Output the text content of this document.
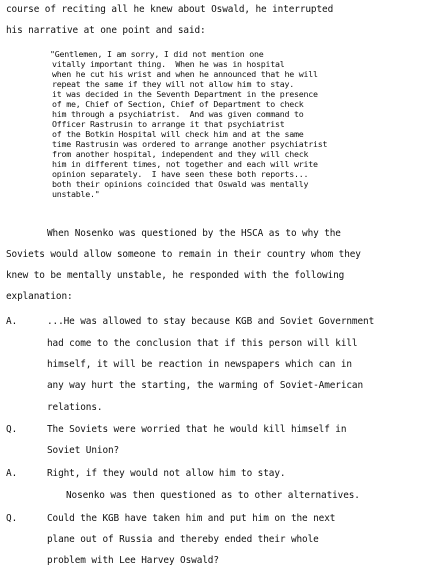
course of reciting all he knew about Oswald, he interrupted
his narrative at one point and said:
"Gentlemen, I am sorry, I did not mention one
vitally important thing.  When he was in hospital
when he cut his wrist and when he announced that he will
repeat the same if they will not allow him to stay.
it was decided in the Seventh Department in the presence
of me, Chief of Section, Chief of Department to check
him through a psychiatrist.  And was given command to
Officer Rastrusin to arrange it that psychiatrist
of the Botkin Hospital will check him and at the same
time Rastrusin was ordered to arrange another psychiatrist
from another hospital, independent and they will check
him in different times, not together and each will write
opinion separately.  I have seen these both reports...
both their opinions coincided that Oswald was mentally
unstable."
When Nosenko was questioned by the HSCA as to why the
Soviets would allow someone to remain in their country whom they
knew to be mentally unstable, he responded with the following
explanation:
A.	...He was allowed to stay because KGB and Soviet Government
had come to the conclusion that if this person will kill
himself, it will be reaction in newspapers which can in
any way hurt the starting, the warming of Soviet-American
relations.
Q.	The Soviets were worried that he would kill himself in
Soviet Union?
A.	Right, if they would not allow him to stay.
Nosenko was then questioned as to other alternatives.
Q.	Could the KGB have taken him and put him on the next
plane out of Russia and thereby ended their whole
problem with Lee Harvey Oswald?
